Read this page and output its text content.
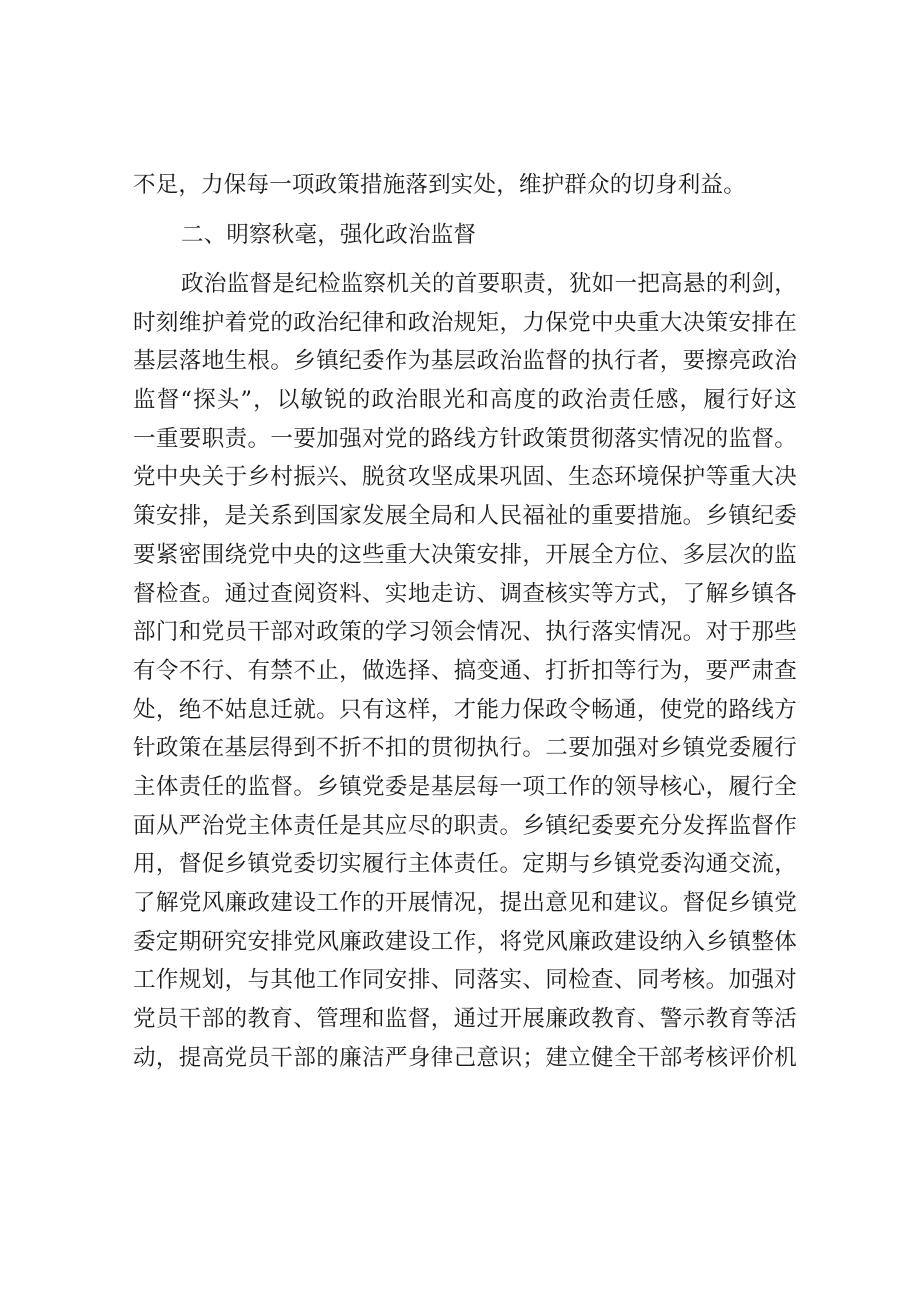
不足，力保每一项政策措施落到实处，维护群众的切身利益。
二、明察秋毫，强化政治监督
政治监督是纪检监察机关的首要职责，犹如一把高悬的利剑，
时刻维护着党的政治纪律和政治规矩，力保党中央重大决策安排在
基层落地生根。乡镇纪委作为基层政治监督的执行者，要擦亮政治
监督“探头”，以敏锐的政治眼光和高度的政治责任感，履行好这
一重要职责。一要加强对党的路线方针政策贯彻落实情况的监督。
党中央关于乡村振兴、脱贫攻坚成果巩固、生态环境保护等重大决
策安排，是关系到国家发展全局和人民福祉的重要措施。乡镇纪委
要紧密围绕党中央的这些重大决策安排，开展全方位、多层次的监
督检查。通过查阅资料、实地走访、调查核实等方式，了解乡镇各
部门和党员干部对政策的学习领会情况、执行落实情况。对于那些
有令不行、有禁不止，做选择、搞变通、打折扣等行为，要严肃查
处，绝不姑息迁就。只有这样，才能力保政令畅通，使党的路线方
针政策在基层得到不折不扣的贯彻执行。二要加强对乡镇党委履行
主体责任的监督。乡镇党委是基层每一项工作的领导核心，履行全
面从严治党主体责任是其应尽的职责。乡镇纪委要充分发挥监督作
用，督促乡镇党委切实履行主体责任。定期与乡镇党委沟通交流，
了解党风廉政建设工作的开展情况，提出意见和建议。督促乡镇党
委定期研究安排党风廉政建设工作，将党风廉政建设纳入乡镇整体
工作规划，与其他工作同安排、同落实、同检查、同考核。加强对
党员干部的教育、管理和监督，通过开展廉政教育、警示教育等活
动，提高党员干部的廉洁严身律己意识；建立健全干部考核评价机
